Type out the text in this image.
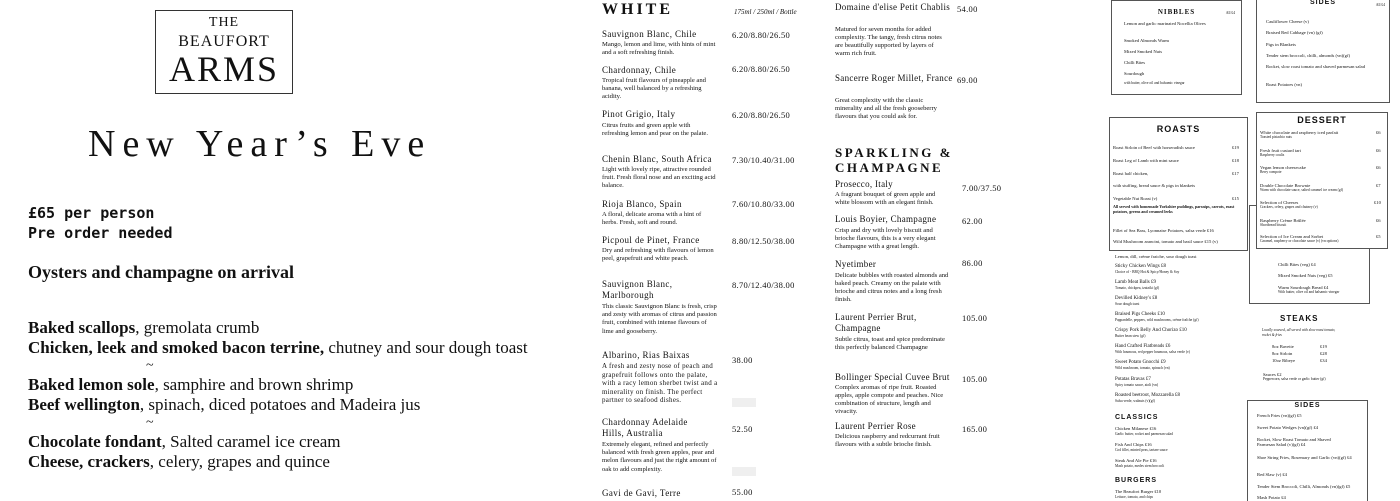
THE
BEAUFORT
ARMS
New Year’s Eve
£65 per person
Pre order needed
Oysters and champagne on arrival
Baked scallops, gremolata crumb
Chicken, leek and smoked bacon terrine, chutney and sour dough toast
~
Baked lemon sole, samphire and brown shrimp
Beef wellington, spinach, diced potatoes and Madeira jus
~
Chocolate fondant, Salted caramel ice cream
Cheese, crackers, celery, grapes and quince
WHITE	175ml / 250ml / Bottle
Sauvignon Blanc, Chile
Mango, lemon and lime, with hints of mint and a soft refreshing finish.
6.20/8.80/26.50
Chardonnay, Chile
Tropical fruit flavours of pineapple and banana, well balanced by a refreshing acidity.
6.20/8.80/26.50
Pinot Grigio, Italy
Citrus fruits and green apple with refreshing lemon and pear on the palate.
6.20/8.80/26.50
Chenin Blanc, South Africa
Light with lovely ripe, attractive rounded fruit. Fresh floral nose and an exciting acid balance.
7.30/10.40/31.00
Rioja Blanco, Spain
A floral, delicate aroma with a hint of herbs. Fresh, soft and round.
7.60/10.80/33.00
Picpoul de Pinet, France
Dry and refreshing with flavours of lemon peel, grapefruit and white peach.
8.80/12.50/38.00
Sauvignon Blanc, Marlborough
This classic Sauvignon Blanc is fresh, crisp and zesty with aromas of citrus and passion fruit, combined with intense flavours of lime and gooseberry.
8.70/12.40/38.00
Albarino, Rias Baixas
A fresh and zesty nose of peach and grapefruit follows onto the palate, with a racy lemon sherbet twist and a minerality on finish. The perfect partner to seafood dishes.
38.00
Chardonnay Adelaide Hills, Australia
Extremely elegant, refined and perfectly balanced with fresh green apples, pear and melon flavours and just the right amount of oak to add complexity.
52.50
Gavi de Gavi, Terre	55.00
Domaine d'elise Petit Chablis
Matured for seven months for added complexity. The tangy, fresh citrus notes are beautifully supported by layers of warm rich fruit.
54.00
Sancerre Roger Millet, France
Great complexity with the classic minerality and all the fresh gooseberry flavours that you could ask for.
69.00
SPARKLING &
CHAMPAGNE
Prosecco, Italy
A fragrant bouquet of green apple and white blossom with an elegant finish.
7.00/37.50
Louis Boyier, Champagne
Crisp and dry with lovely biscuit and brioche flavours, this is a very elegant Champagne with a great length.
62.00
Nyetimber
Delicate bubbles with roasted almonds and baked peach. Creamy on the palate with brioche and citrus notes and a long fresh finish.
86.00
Laurent Perrier Brut, Champagne
Subtle citrus, toast and spice predominate this perfectly balanced Champagne
105.00
Bollinger Special Cuvee Brut
Complex aromas of ripe fruit. Roasted apples, apple compote and peaches. Nice combination of structure, length and vivacity.
105.00
Laurent Perrier Rose
Delicious raspberry and redcurrant fruit flavours with a subtle brioche finish.
165.00
Lemon, dill, crème fraiche, sour dough toast
Sticky Chicken Wings £8
Choice of - BBQ Hot & Spicy/Honey & Soy
Lamb Meat Balls £9
Tomato, chickpea, tzatziki (gf)
Devilled Kidney's £8
Sour dough toast
Braised Pigs Cheeks £10
Pappardelle, peppers, wild mushrooms, crème fraîche (gf)
Crispy Pork Belly And Chorizo £10
Butter bean stew (gf)
Hand Crafted Flatbreads £6
With houmous, red pepper houmous, salsa verde (v)
Sweet Potato Gnocchi £9
Wild mushroom, tomato, spinach (vn)
Potatas Bravas £7
Spicy tomato sauce, aioli (vn)
Roasted beetroot, Mozzarella £8
Salsa verde, walnuts (v)(gf)
CLASSICS
Chicken Milanese £16
Garlic butter, rocket and parmesan salad
Fish And Chips £16
Cod fillet, minted peas, tartare sauce
Steak And Ale Pie £16
Mash potato, medes stem broccoli
BURGERS
The Beaufort Burger £10
Lettuce, tomato, and chips
NIBBLES	All £4
Lemon and garlic marinated Nocellia Olives
Smoked Almonds Warm
Mixed Smoked Nuts
Chilli Bites
Sourdough
with butter, olive oil and balsamic vinegar
SIDES	All £4
Cauliflower Cheese (v)
Braised Red Cabbage (vn) (gf)
Pigs in Blankets
Tender stem broccoli, chilli, almonds (vn)(gf)
Rocket, slow roast tomato and shaved parmesan salad
Roast Potatoes (vn)
Chilli Bites (veg) £4
Mixed Smoked Nuts (veg) £5
Warm Sourdough Bread £4
With butter, olive oil and balsamic vinegar
ROASTS
Roast Sirloin of Beef with horseradish sauce	£19
Roast Leg of Lamb with mint sauce	£18
Roast half chicken,	£17
with stuffing, bread sauce & pigs in blankets
Vegetable Nut Roast (v)	£15
All served with homemade Yorkshire puddings, parsnips, carrots, roast potatoes, greens and creamed leeks
Fillet of Sea Bass, Lyonnaise Potatoes, salsa verde £16
Wild Mushroom arancini, tomato and basil sauce £15 (v)
DESSERT
White chocolate and raspberry iced parfait
Toasted pistachio nuts
£6
Fresh fruit custard tart
Raspberry coulis
£6
Vegan lemon cheesecake
Berry compote
£6
Double Chocolate Brownie
Warm with chocolate sauce, salted caramel ice cream (gf)
£7
Selection of Cheeses
Crackers, celery, grapes and chutney (v)
£10
Raspberry Crème Brûlée
Shortbread biscuit
£6
Selection of Ice Cream and Sorbet
Caramel, raspberry or chocolate sauce (v) (vn options)
£5
STEAKS
Locally sourced, all served with slow roast tomato, rocket & fries
8oz Bavette	£19
8oz Sirloin	£28
10oz Ribeye	£34
Sauces £2
Peppercorn, salsa verde or garlic butter (gf)
SIDES
French Fries (vn)(gf) £5
Sweet Potato Wedges (vn)(gf) £4
Rocket, Slow Roast Tomato and Shaved Parmesan Salad (v)(gf) £4
Shoe String Fries, Rosemary and Garlic (vn)(gf) £4
Red Slaw (v) £4
Tender Stem Broccoli, Chilli, Almonds (vn)(gf) £5
Mash Potato £4
